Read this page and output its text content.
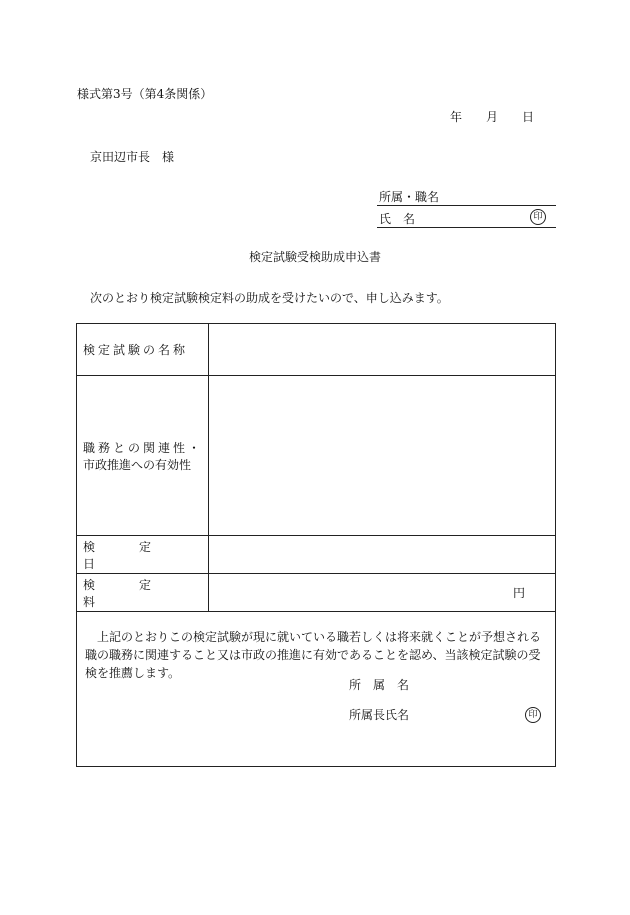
様式第3号（第4条関係）
年 月 日
京田辺市長　様
所属・職名
氏　名	印
検定試験受検助成申込書
次のとおり検定試験検定料の助成を受けたいので、申し込みます。
検定試験の名称	

職務との関連性・
市政推進への有効性	

検定日	
検定料	円

上記のとおりこの検定試験が現に就いている職若しくは将来就くことが予想される職の職務に関連すること又は市政の推進に有効であることを認め、当該検定試験の受検を推薦します。

所属名
所属長氏名 印	
